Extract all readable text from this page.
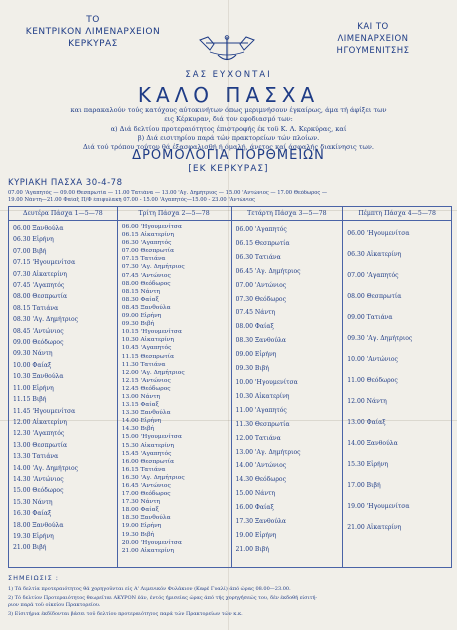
ΤΟ
ΚΕΝΤΡΙΚΟΝ ΛΙΜΕΝΑΡΧΕΙΟΝ
ΚΕΡΚΥΡΑΣ
ΚΑΙ ΤΟ
ΛΙΜΕΝΑΡΧΕΙΟΝ
ΗΓΟΥΜΕΝΙΤΣΗΣ
ΣΑΣ ΕΥΧΟΝΤΑΙ
ΚΑΛΟ ΠΑΣΧΑ
και παρακαλούν τούς κατόχους αύτοκινήτων όπως μεριμνήσουν έγκαίρως, άμα τή άφίξει των
εις Κέρκυραν, διά τον εφοδιασμό των:
α) Διά δελτίου προτεραιότητος έπιστροφής έκ τοϋ Κ. Λ. Κερκύρας, καί
β) Διά εισιτηρίου παρά τών πρακτορείων τών πλοίων.
Διά τού τρόπου τούτου θά έξασφαλισθή ή όμαλή, άνετος καί άσφαλής διακίνησις των.
ΔΡΟΜΟΛΟΓΙΑ ΠΟΡΘΜΕΙΩΝ
[ΕΚ ΚΕΡΚΥΡΑΣ]
ΚΥΡΙΑΚΗ ΠΑΣΧΑ 30-4-78
07.00 'Αγαπητός — 09.00 Θεσπρωτία — 11.00 Τατιάνα — 13.00 'Αγ. Δημήτριος — 15.00 'Αντώνιος — 17.00 Θεόδωρος —
19.00 Νάντη—21.00 Φαίαξ Π/Ф ἐπιφυλακή 07.00 - 15.00 'Αγαπητός—15.00 - 23.00 'Αντώνιος
Δευτέρα Πάσχα 1—5—78
06.00 Ξανθούλα
06.30 Εἰρήνη
07.00 Βιβή
07.15 'Ηγουμενίτσα
07.30 Αἰκατερίνη
07.45 'Αγαπητός
08.00 Θεσπρωτία
08.15 Τατιάνα
08.30 'Αγ. Δημήτριος
08.45 'Αντώνιος
09.00 Θεόδωρος
09.30 Νάντη
10.00 Φαίαξ
10.30 Ξανθούλα
11.00 Εἰρήνη
11.15 Βιβή
11.45 'Ηγουμενίτσα
12.00 Αἰκατερίνη
12.30 'Αγαπητός
13.00 Θεσπρωτία
13.30 Τατιάνα
14.00 'Αγ. Δημήτριος
14.30 'Αντώνιος
15.00 Θεόδωρος
15.30 Νάντη
16.30 Φαίαξ
18.00 Ξανθούλα
19.30 Εἰρήνη
21.00 Βιβή
Τρίτη Πάσχα 2—5—78
06.00 'Ηγουμενίτσα
06.15 Αἰκατερίνη
06.30 'Αγαπητός
07.00 Θεσπρωτία
07.15 Τατιάνα
07.30 'Αγ. Δημήτριος
07.45 'Αντώνιος
08.00 Θεόδωρος
08.15 Νάντη
08.30 Φαίαξ
08.45 Ξανθούλα
09.00 Εἰρήνη
09.30 Βιβή
10.15 'Ηγουμενίτσα
10.30 Αἰκατερίνη
10.45 'Αγαπητός
11.15 Θεσπρωτία
11.30 Τατιάνα
12.00 'Αγ. Δημήτριος
12.15 'Αντώνιος
12.45 Θεόδωρος
13.00 Νάντη
13.15 Φαίαξ
13.30 Ξανθούλα
14.00 Εἰρήνη
14.30 Βιβή
15.00 'Ηγουμενίτσα
15.30 Αἰκατερίνη
15.45 'Αγαπητός
16.00 Θεσπρωτία
16.15 Τατιάνα
16.30 'Αγ. Δημήτριος
16.45 'Αντώνιος
17.00 Θεόδωρος
17.30 Νάντη
18.00 Φαίαξ
18.30 Ξανθούλα
19.00 Εἰρήνη
19.30 Βιβή
20.00 'Ηγουμενίτσα
21.00 Αἰκατερίνη
Τετάρτη Πάσχα 3—5—78
06.00 'Αγαπητός
06.15 Θεσπρωτία
06.30 Τατιάνα
06.45 'Αγ. Δημήτριος
07.00 'Αντώνιος
07.30 Θεόδωρος
07.45 Νάντη
08.00 Φαίαξ
08.30 Ξανθούλα
09.00 Εἰρήνη
09.30 Βιβή
10.00 'Ηγουμενίτσα
10.30 Αἰκατερίνη
11.00 'Αγαπητός
11.30 Θεσπρωτία
12.00 Τατιάνα
13.00 'Αγ. Δημήτριος
14.00 'Αντώνιος
14.30 Θεόδωρος
15.00 Νάντη
16.00 Φαίαξ
17.30 Ξανθούλα
19.00 Εἰρήνη
21.00 Βιβή
Πέμπτη Πάσχα 4—5—78
06.00 'Ηγουμενίτσα
06.30 Αἰκατερίνη
07.00 'Αγαπητός
08.00 Θεσπρωτία
09.00 Τατιάνα
09.30 'Αγ. Δημήτριος
10.00 'Αντώνιος
11.00 Θεόδωρος
12.00 Νάντη
13.00 Φαίαξ
14.00 Ξανθούλα
15.30 Εἰρήνη
17.00 Βιβή
19.00 'Ηγουμενίτσα
21.00 Αἰκατερίνη
ΣΗΜΕΙΩΣΙΣ :
1) Τά δελτία προτεραιότητος θά χορηγοϋνται είς Α' Λιμενικόν Φυλάκιον (Καφέ Γυαλί) άπό ώρας 08.00—23.00.
2) Τό δελτίον Προτεραιότητος θεωρεϊται ΑΚΥΡΟΝ έάν, έντός ήμισείας ώρας άπό τής χορηγήσεώς του, δέν έκδοθή είσιτή-
ριον παρά τοϋ οίκείου Πρακτορείου.
3) Είσιτήρια έκδίδονται βάσει τοϋ δελτίου προτεραιότητος παρά τών Πρακτορείων τών κ.κ.
